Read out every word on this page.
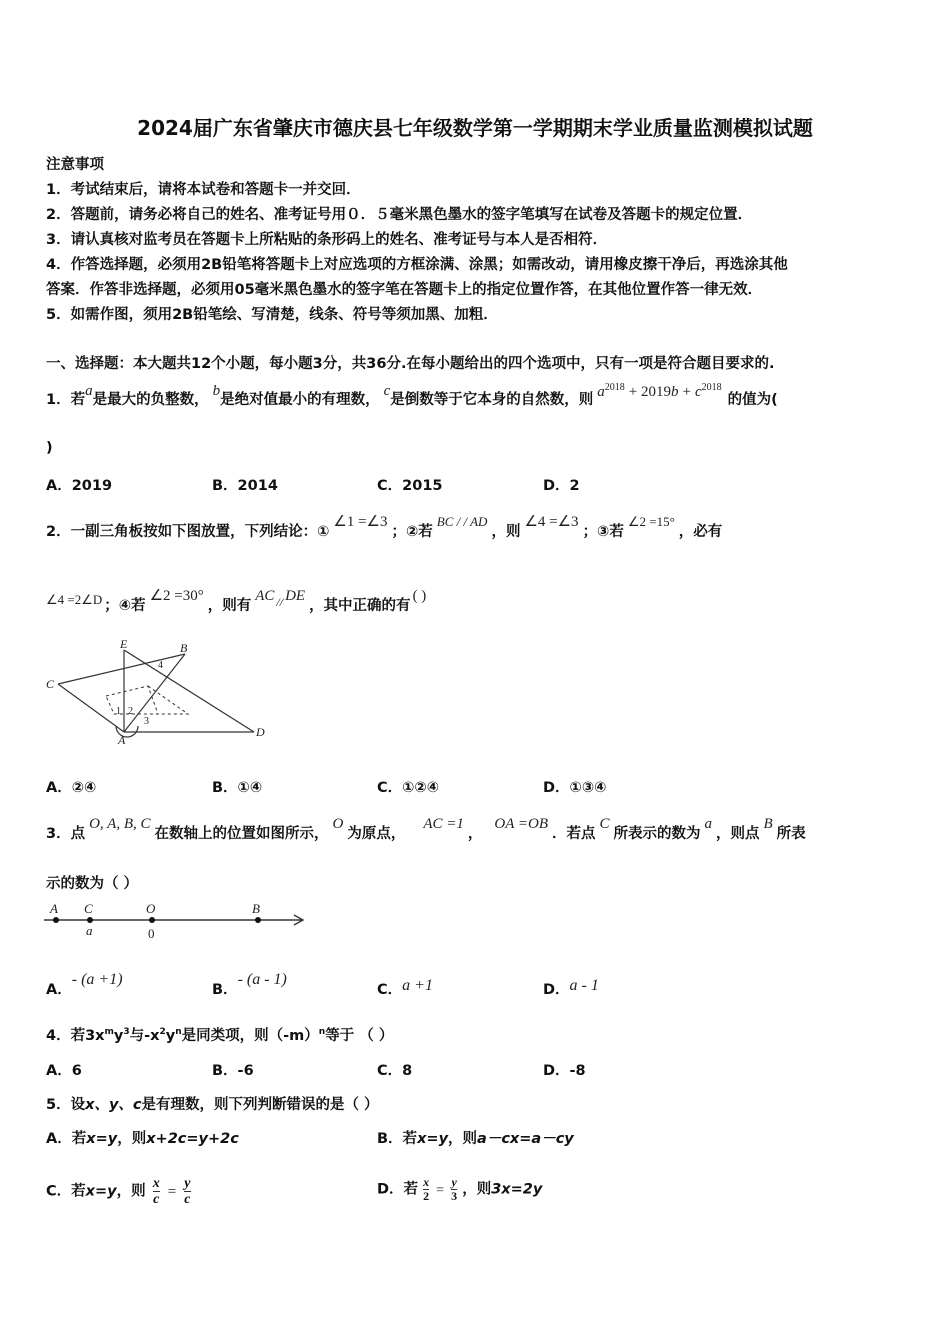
2024届广东省肇庆市德庆县七年级数学第一学期期末学业质量监测模拟试题
注意事项
1．考试结束后，请将本试卷和答题卡一并交回．
2．答题前，请务必将自己的姓名、准考证号用０．５毫米黑色墨水的签字笔填写在试卷及答题卡的规定位置．
3．请认真核对监考员在答题卡上所粘贴的条形码上的姓名、准考证号与本人是否相符．
4．作答选择题，必须用2B铅笔将答题卡上对应选项的方框涂满、涂黑；如需改动，请用橡皮擦干净后，再选涂其他
答案．作答非选择题，必须用05毫米黑色墨水的签字笔在答题卡上的指定位置作答，在其他位置作答一律无效．
5．如需作图，须用2B铅笔绘、写清楚，线条、符号等须加黑、加粗．
一、选择题：本大题共12个小题，每小题3分，共36分.在每小题给出的四个选项中，只有一项是符合题目要求的.
1．若a是最大的负整数，b是绝对值最小的有理数，c是倒数等于它本身的自然数，则 $a^{2018} + 2019b + c^{2018}$的值为(
)
A．2019	B．2014	C．2015	D．2
2．一副三角板按如下图放置，下列结论：①∠1 =∠3；②若BC / / AD，则∠4 =∠3；③若∠2 =15°，必有
∠4 =2∠D ；④若∠2 =30°，则有AC $_{//}$ DE，其中正确的有( )
E	B
C
A
D
1 2
3
4
A．②④	B．①④	C．①②④	D．①③④
3．点O, A, B, C在数轴上的位置如图所示，O为原点，AC =1，OA =OB．若点C所表示的数为a，则点B所表
示的数为（ ）
A C	O	B
a	0
A．- (a +1)
B．- (a - 1)
C．a +1	D．a - 1
4．若$3x^my^3$与$-x^2y^n$是同类项，则$(-m)^n$等于 （ ）
A．6	B．-6	C．8	D．-8
5．设x、y、c是有理数，则下列判断错误的是（ ）
A．若x=y，则x+2c=y+2c	B．若x=y，则a－cx=a－cy
C．若x=y，则 $\frac{x}{c} = \frac{y}{c}$	D．若 $\frac{x}{2} = \frac{y}{3}$ ，则3x=2y
